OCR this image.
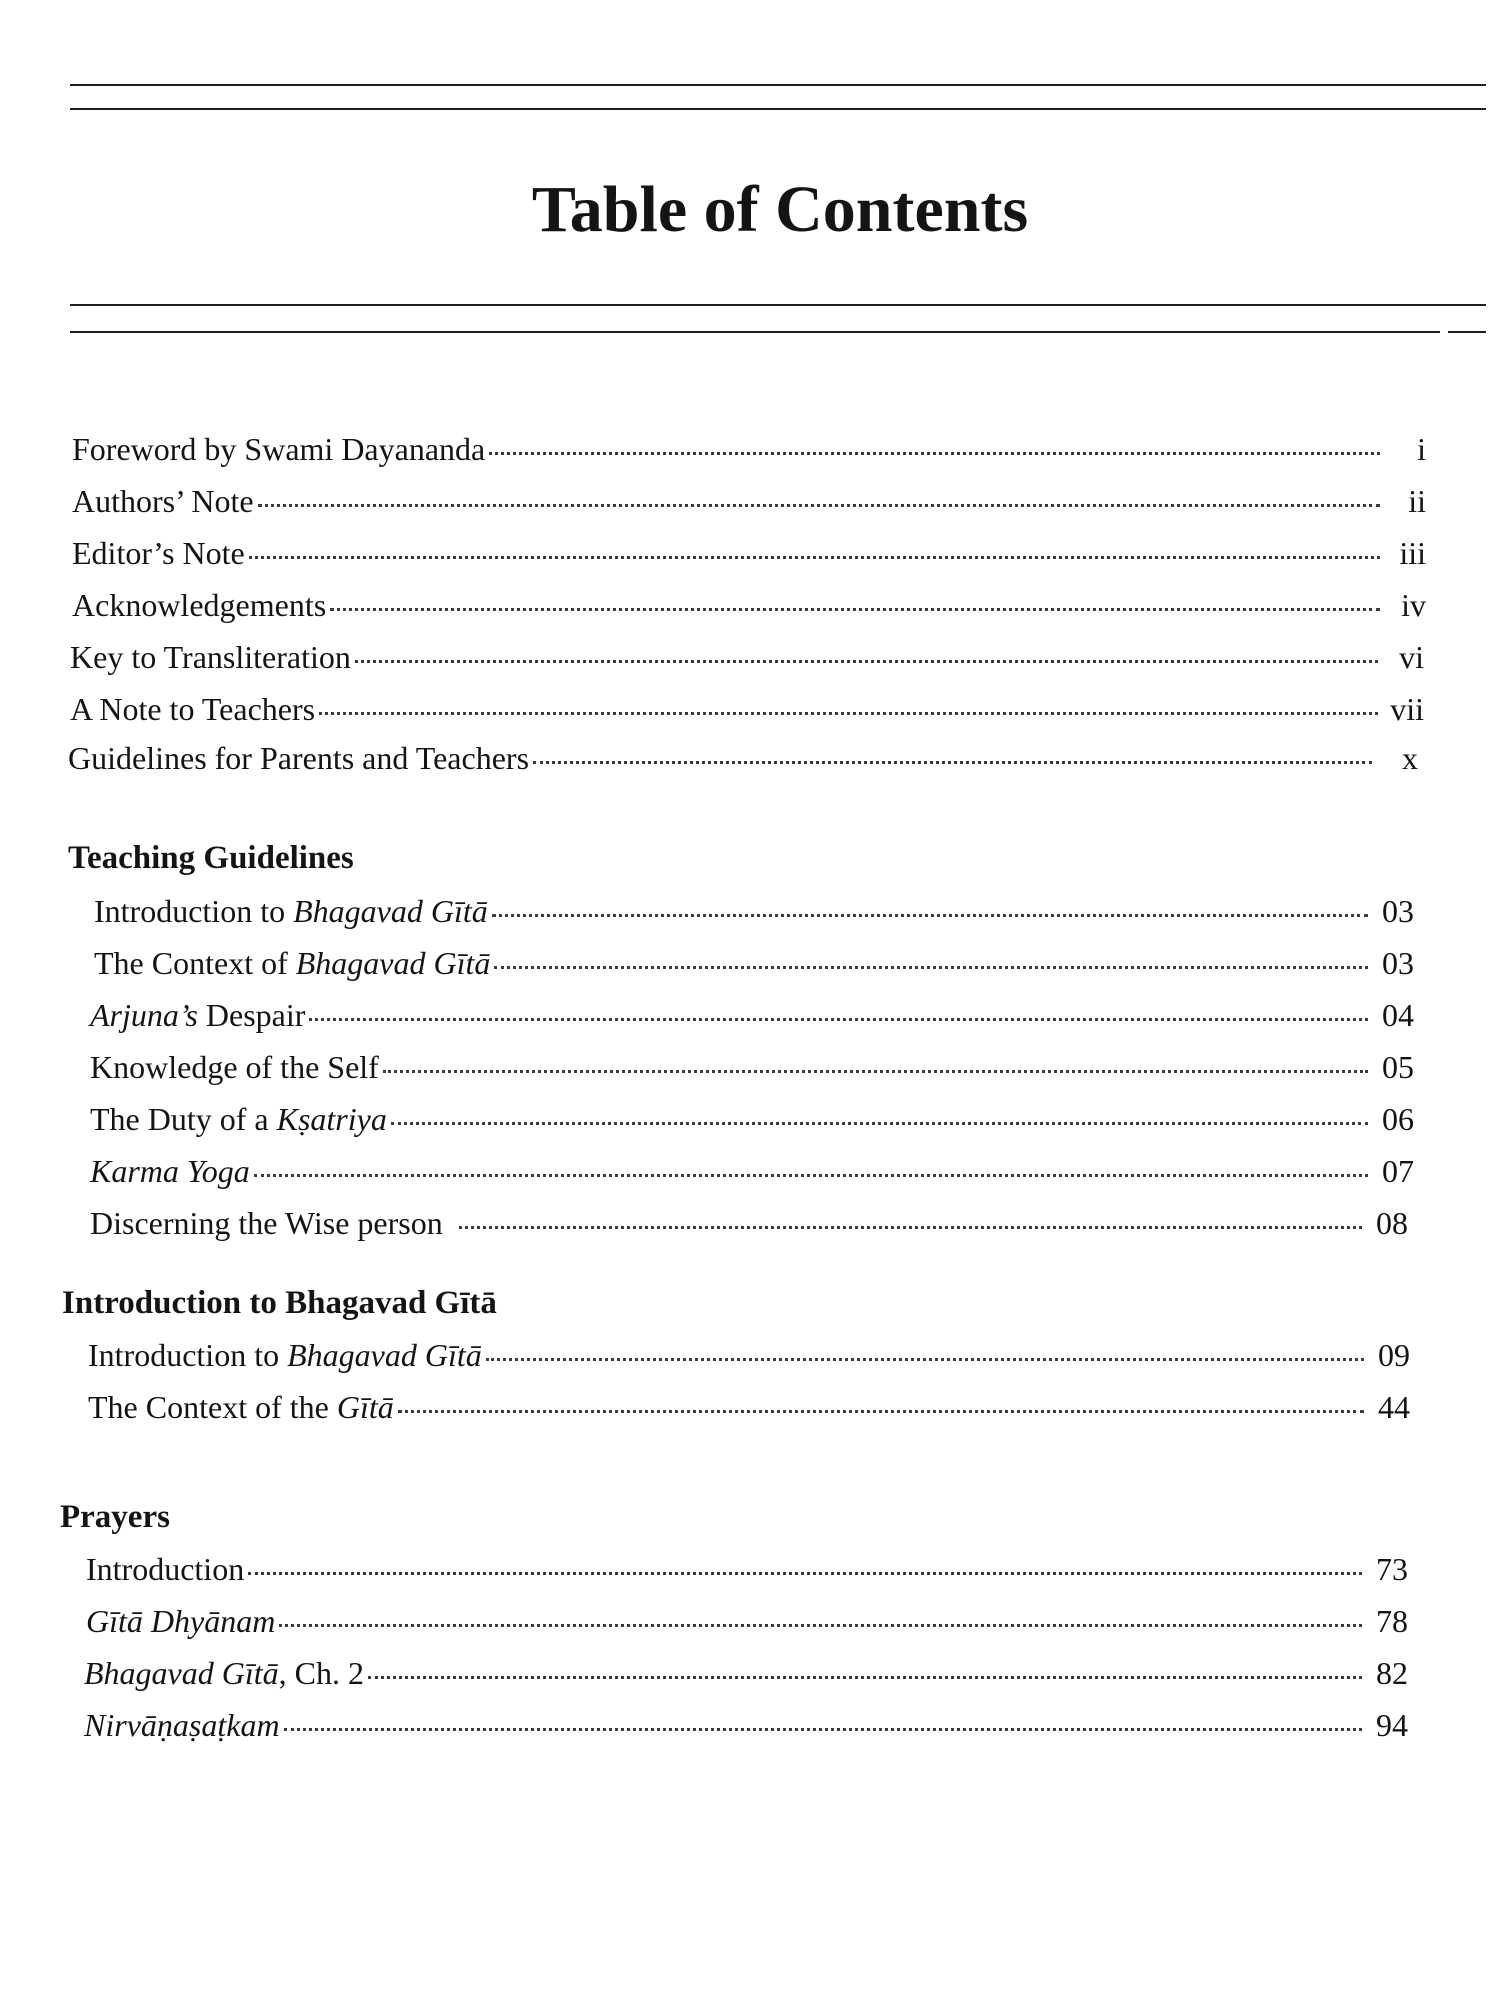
Table of Contents
Foreword by Swami Dayananda	i
Authors’ Note	ii
Editor’s Note	iii
Acknowledgements	iv
Key to Transliteration	vi
A Note to Teachers	vii
Guidelines for Parents and Teachers	x
Teaching Guidelines
Introduction to Bhagavad Gītā	03
The Context of Bhagavad Gītā	03
Arjuna’s Despair	04
Knowledge of the Self	05
The Duty of a Kṣatriya	06
Karma Yoga	07
Discerning the Wise person	08
Introduction to Bhagavad Gītā
Introduction to Bhagavad Gītā	09
The Context of the Gītā	44
Prayers
Introduction	73
Gītā Dhyānam	78
Bhagavad Gītā, Ch. 2	82
Nirvāṇaṣaṭkam	94
